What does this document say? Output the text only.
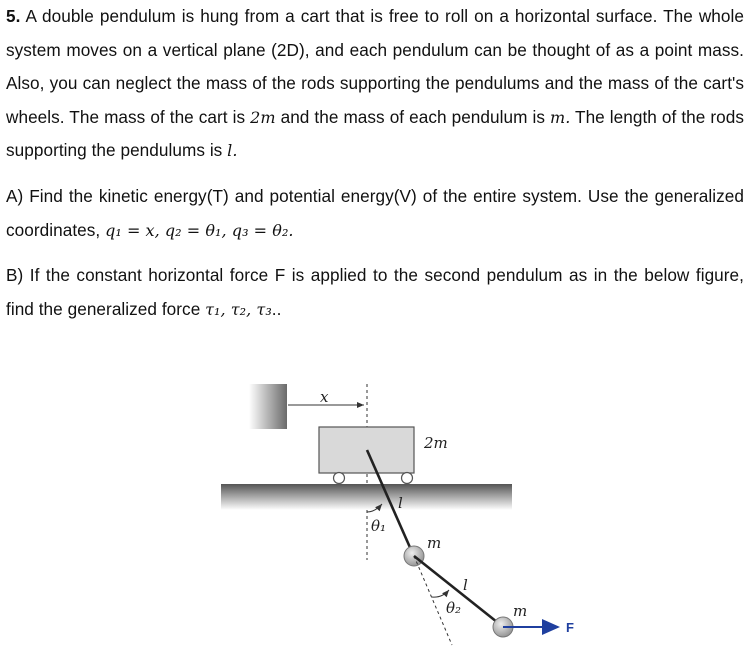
5. A double pendulum is hung from a cart that is free to roll on a horizontal surface. The whole system moves on a vertical plane (2D), and each pendulum can be thought of as a point mass. Also, you can neglect the mass of the rods supporting the pendulums and the mass of the cart's wheels. The mass of the cart is 2m and the mass of each pendulum is m. The length of the rods supporting the pendulums is l.

A) Find the kinetic energy(T) and potential energy(V) of the entire system. Use the generalized coordinates, q₁ = x, q₂ = θ₁, q₃ = θ₂.

B) If the constant horizontal force F is applied to the second pendulum as in the below figure, find the generalized force τ₁, τ₂, τ₃..

x
2m
l
θ₁
m
l
θ₂	m
F
